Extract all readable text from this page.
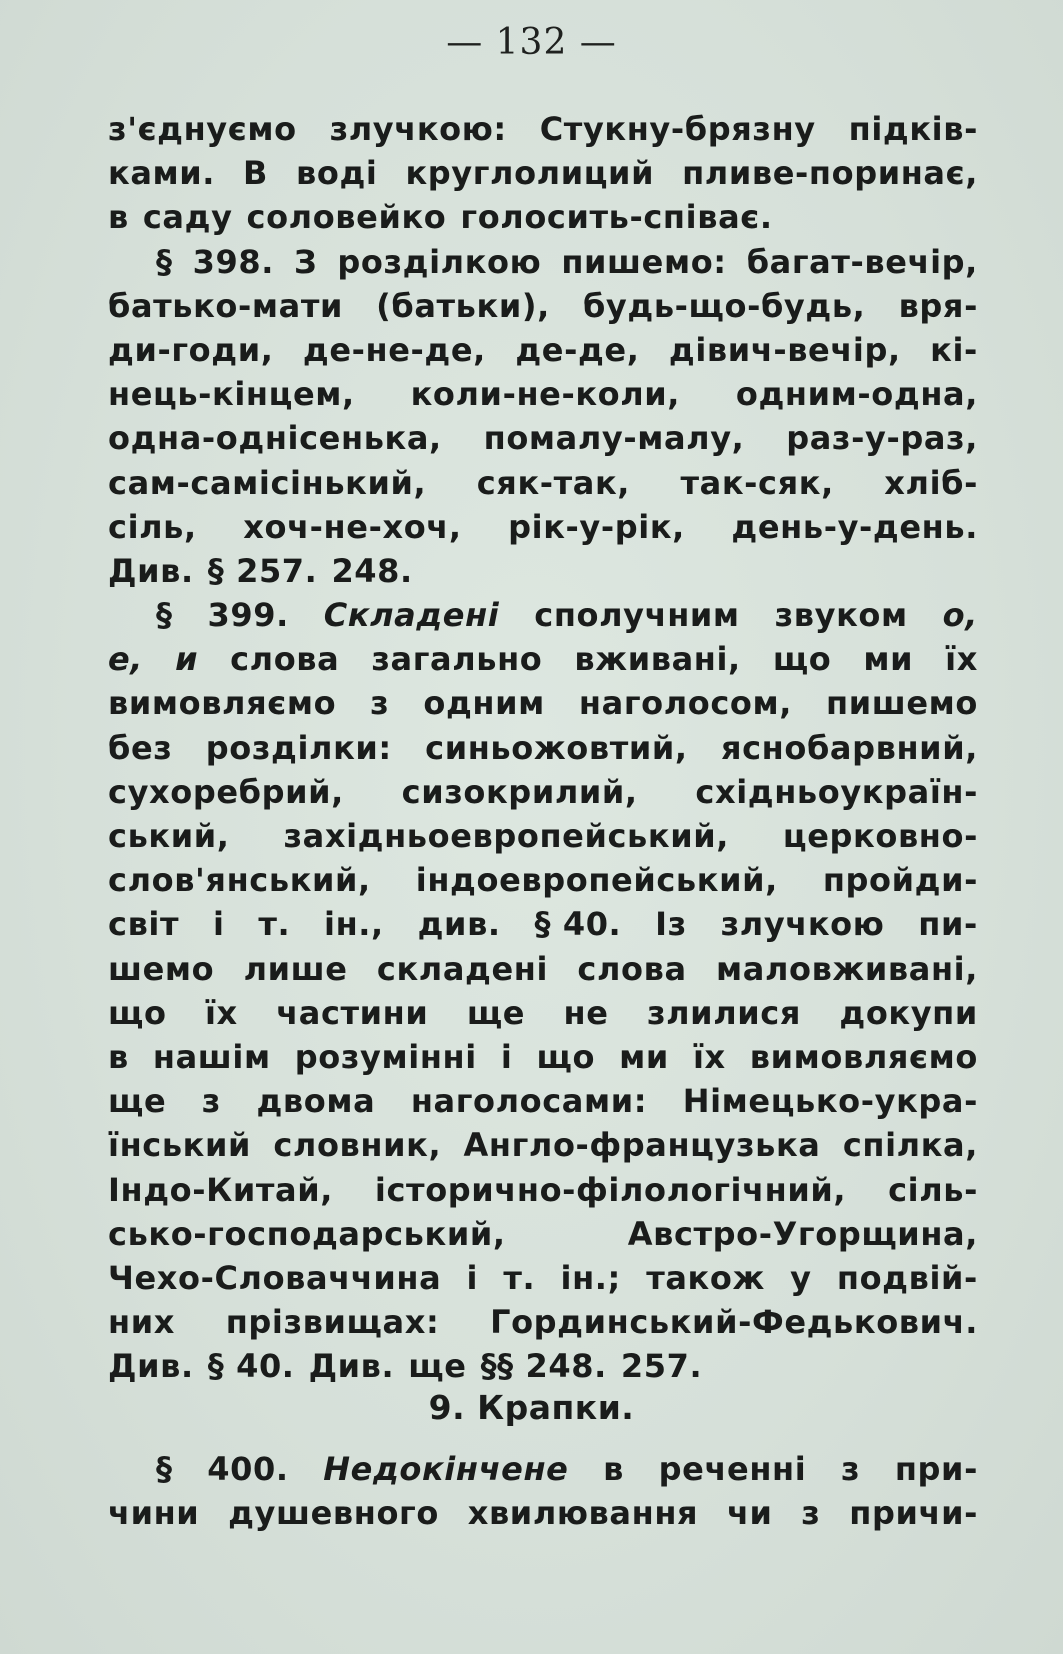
— 132 —
з'єднуємо злучкою: Стукну-брязну підків-
ками. В воді круглолиций пливе-поринає,
в саду соловейко голосить-співає.
§ 398. З розділкою пишемо: багат-вечір,
батько-мати (батьки), будь-що-будь, вря-
ди-годи, де-не-де, де-де, дівич-вечір, кі-
нець-кінцем, коли-не-коли, одним-одна,
одна-однісенька, помалу-малу, раз-у-раз,
сам-самісінький, сяк-так, так-сяк, хліб-
сіль, хоч-не-хоч, рік-у-рік, день-у-день.
Див. § 257. 248.
§ 399. Складені сполучним звуком о,
е, и слова загально вживані, що ми їх
вимовляємо з одним наголосом, пишемо
без розділки: синьожовтий, яснобарвний,
сухоребрий, сизокрилий, східньоукраїн-
ський, західньоевропейський, церковно-
слов'янський, індоевропейський, пройди-
світ і т. ін., див. § 40. Із злучкою пи-
шемо лише складені слова маловживані,
що їх частини ще не злилися докупи
в нашім розумінні і що ми їх вимовляємо
ще з двома наголосами: Німецько-укра-
їнський словник, Англо-французька спілка,
Індо-Китай, історично-філологічний, сіль-
сько-господарський,	Австро-Угорщина,
Чехо-Словаччина і т. ін.; також у подвій-
них прізвищах: Гординський-Федькович.
Див. § 40. Див. ще §§ 248. 257.
9. Крапки.
§ 400. Недокінчене в реченні з при-
чини душевного хвилювання чи з причи-
